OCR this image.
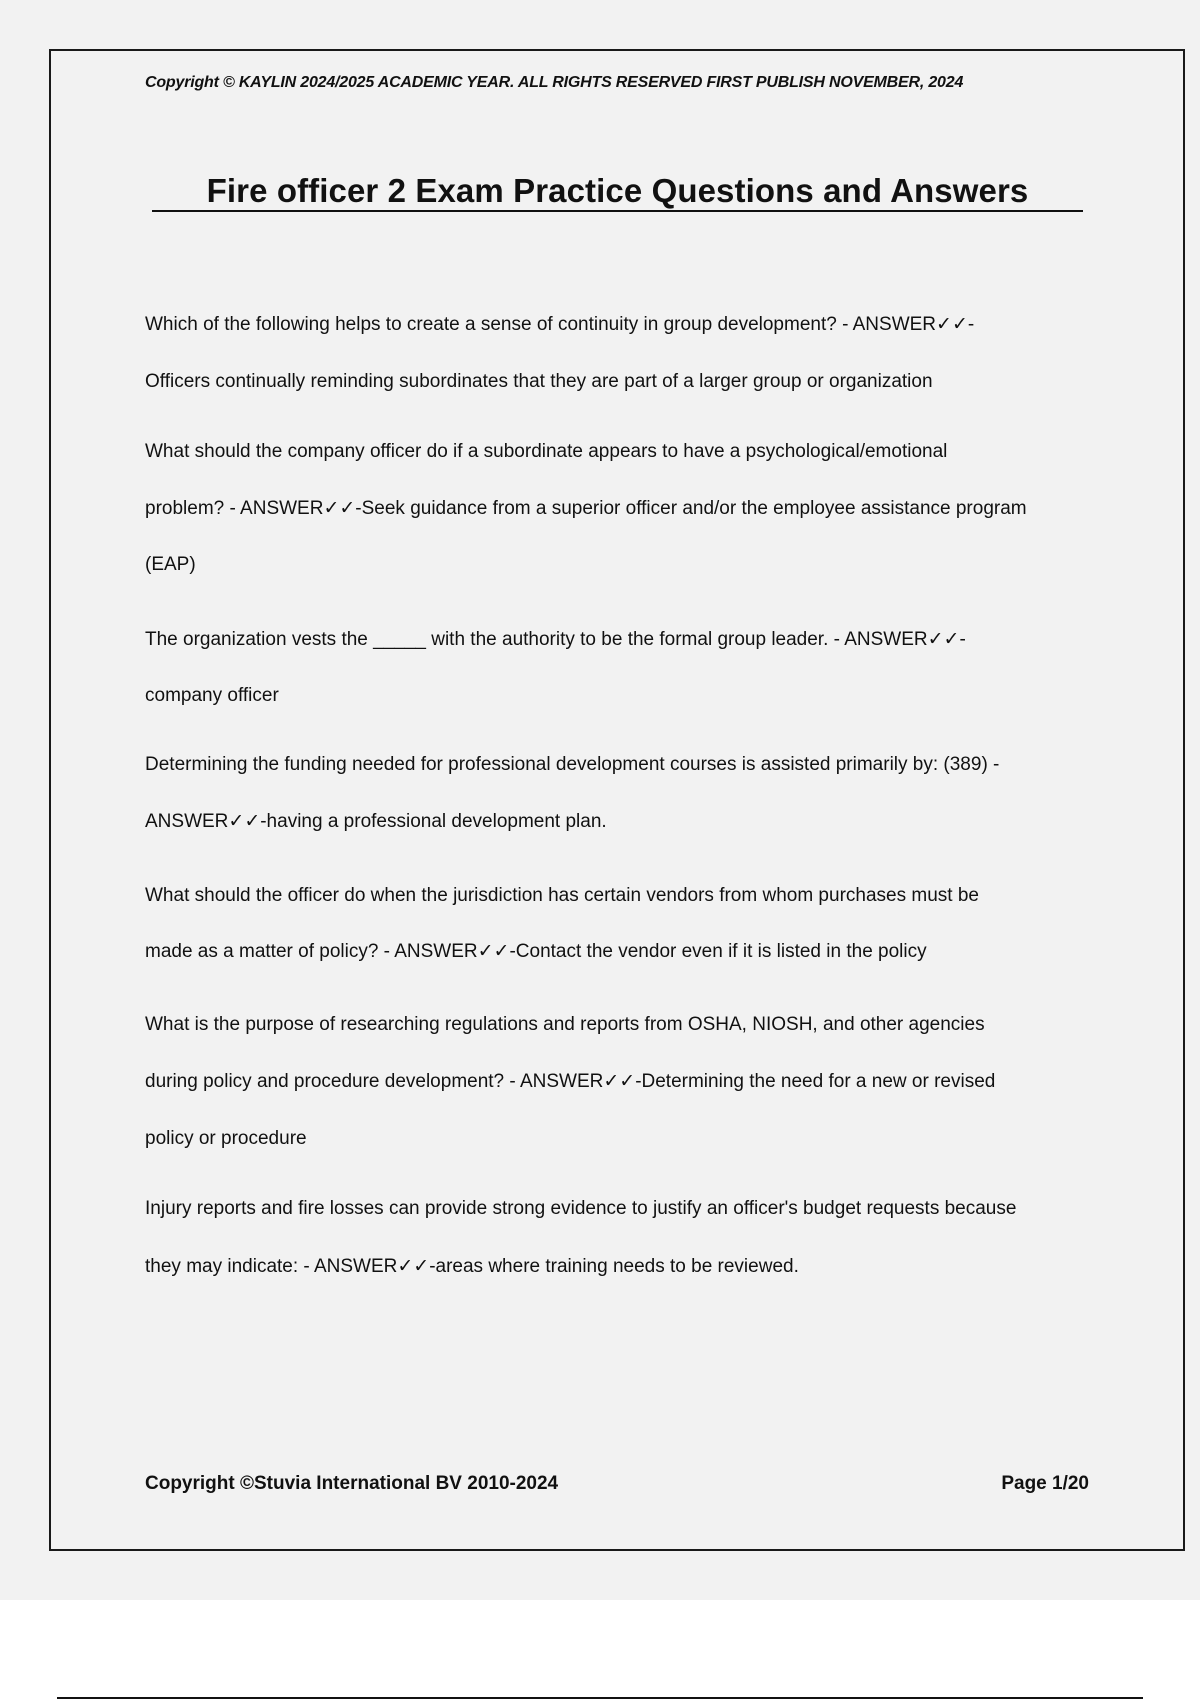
Copyright © KAYLIN 2024/2025 ACADEMIC YEAR. ALL RIGHTS RESERVED FIRST PUBLISH NOVEMBER, 2024
Fire officer 2 Exam Practice Questions and Answers
Which of the following helps to create a sense of continuity in group development? - ANSWER✓✓-
Officers continually reminding subordinates that they are part of a larger group or organization
What should the company officer do if a subordinate appears to have a psychological/emotional
problem? - ANSWER✓✓-Seek guidance from a superior officer and/or the employee assistance program
(EAP)
The organization vests the _____ with the authority to be the formal group leader. - ANSWER✓✓-
company officer
Determining the funding needed for professional development courses is assisted primarily by: (389) -
ANSWER✓✓-having a professional development plan.
What should the officer do when the jurisdiction has certain vendors from whom purchases must be
made as a matter of policy? - ANSWER✓✓-Contact the vendor even if it is listed in the policy
What is the purpose of researching regulations and reports from OSHA, NIOSH, and other agencies
during policy and procedure development? - ANSWER✓✓-Determining the need for a new or revised
policy or procedure
Injury reports and fire losses can provide strong evidence to justify an officer's budget requests because
they may indicate: - ANSWER✓✓-areas where training needs to be reviewed.
Copyright ©Stuvia International BV 2010-2024	Page 1/20
